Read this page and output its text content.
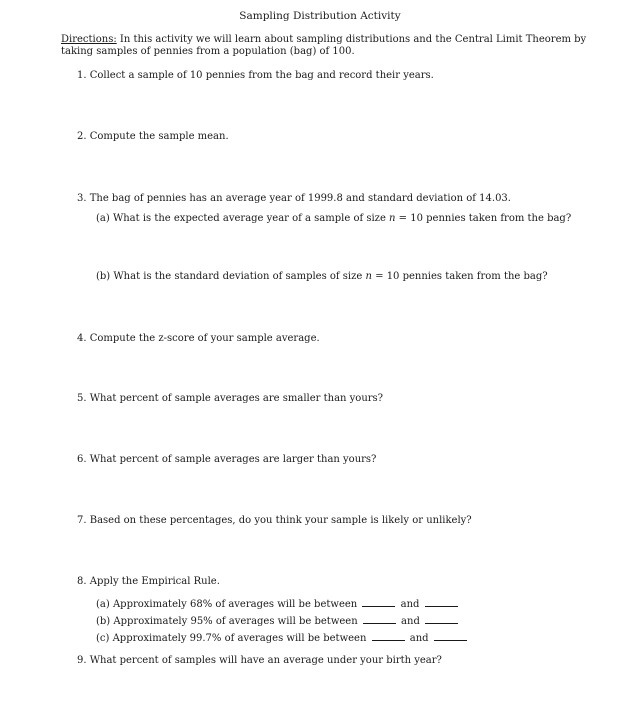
Sampling Distribution Activity
Directions: In this activity we will learn about sampling distributions and the Central Limit Theorem by taking samples of pennies from a population (bag) of 100.
1. Collect a sample of 10 pennies from the bag and record their years.
2. Compute the sample mean.
3. The bag of pennies has an average year of 1999.8 and standard deviation of 14.03.
(a) What is the expected average year of a sample of size n = 10 pennies taken from the bag?
(b) What is the standard deviation of samples of size n = 10 pennies taken from the bag?
4. Compute the z-score of your sample average.
5. What percent of sample averages are smaller than yours?
6. What percent of sample averages are larger than yours?
7. Based on these percentages, do you think your sample is likely or unlikely?
8. Apply the Empirical Rule.
(a) Approximately 68% of averages will be between	and
(b) Approximately 95% of averages will be between	and
(c) Approximately 99.7% of averages will be between	and
9. What percent of samples will have an average under your birth year?
